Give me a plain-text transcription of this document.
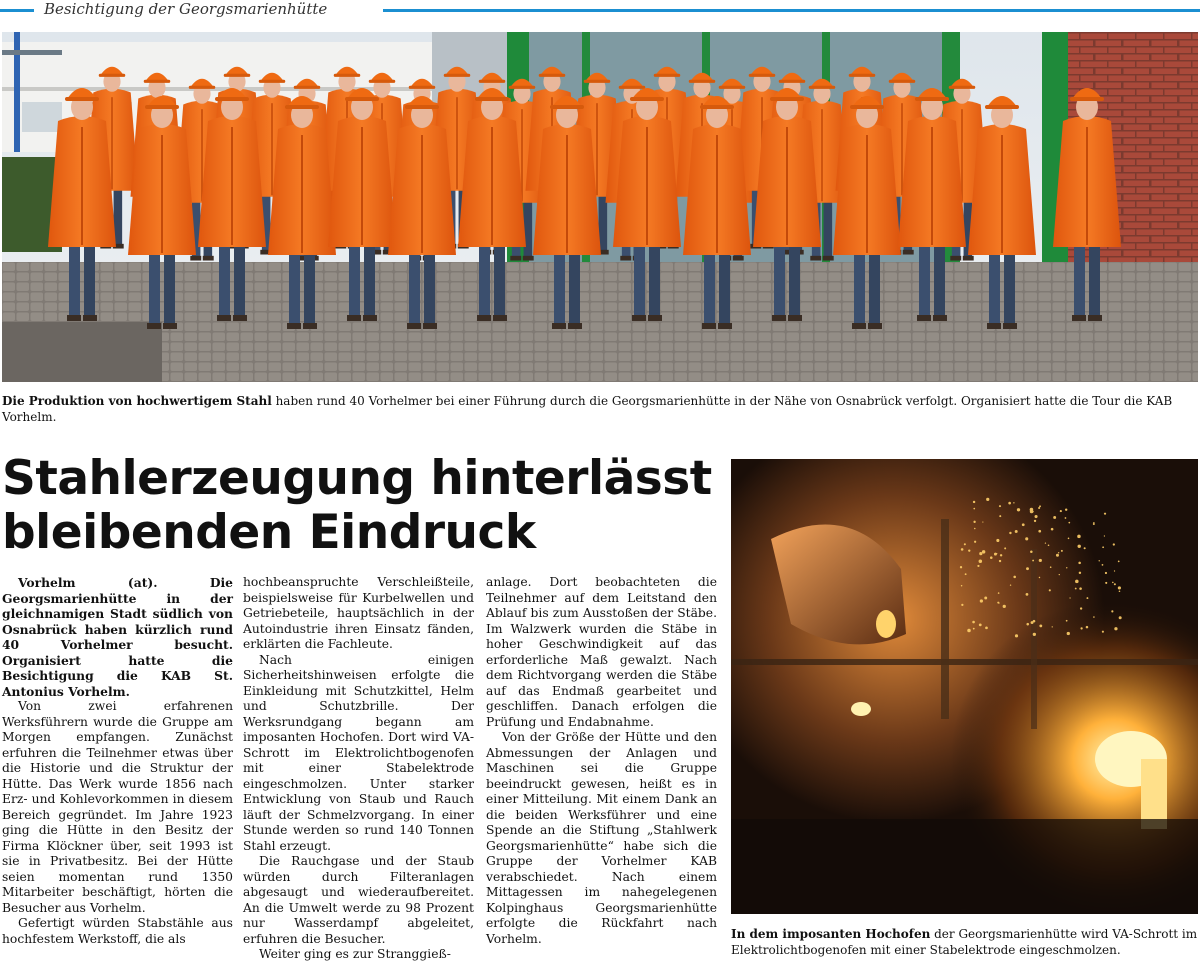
Besichtigung der Georgsmarienhütte
Die Produktion von hochwertigem Stahl haben rund 40 Vorhelmer bei einer Führung durch die Georgsmarienhütte in der Nähe von Osnabrück verfolgt. Organisiert hatte die Tour die KAB Vorhelm.
Stahlerzeugung hinterlässt
bleibenden Eindruck

Vorhelm (at). Die Georgsmarienhütte in der gleichnamigen Stadt südlich von Osnabrück haben kürzlich rund 40 Vorhelmer besucht. Organisiert hatte die Besichtigung die KAB St. Antonius Vorhelm.

Von zwei erfahrenen Werksführern wurde die Gruppe am Morgen empfangen. Zunächst erfuhren die Teilnehmer etwas über die Historie und die Struktur der Hütte. Das Werk wurde 1856 nach Erz- und Kohlevorkommen in diesem Bereich gegründet. Im Jahre 1923 ging die Hütte in den Besitz der Firma Klöckner über, seit 1993 ist sie in Privatbesitz. Bei der Hütte seien momentan rund 1350 Mitarbeiter beschäftigt, hörten die Besucher aus Vorhelm.

Gefertigt würden Stabstähle aus hochfestem Werkstoff, die als

hochbeanspruchte Verschleißteile, beispielsweise für Kurbelwellen und Getriebeteile, hauptsächlich in der Autoindustrie ihren Einsatz fänden, erklärten die Fachleute.

Nach einigen Sicherheitshinweisen erfolgte die Einkleidung mit Schutzkittel, Helm und Schutzbrille. Der Werksrundgang begann am imposanten Hochofen. Dort wird VA-Schrott im Elektrolichtbogenofen mit einer Stabelektrode eingeschmolzen. Unter starker Entwicklung von Staub und Rauch läuft der Schmelzvorgang. In einer Stunde werden so rund 140 Tonnen Stahl erzeugt.

Die Rauchgase und der Staub würden durch Filteranlagen abgesaugt und wiederaufbereitet. An die Umwelt werde zu 98 Prozent nur Wasserdampf abgeleitet, erfuhren die Besucher.

Weiter ging es zur Stranggieß-

anlage. Dort beobachteten die Teilnehmer auf dem Leitstand den Ablauf bis zum Ausstoßen der Stäbe. Im Walzwerk wurden die Stäbe in hoher Geschwindigkeit auf das erforderliche Maß gewalzt. Nach dem Richtvorgang werden die Stäbe auf das Endmaß gearbeitet und geschliffen. Danach erfolgen die Prüfung und Endabnahme.

Von der Größe der Hütte und den Abmessungen der Anlagen und Maschinen sei die Gruppe beeindruckt gewesen, heißt es in einer Mitteilung. Mit einem Dank an die beiden Werksführer und eine Spende an die Stiftung „Stahlwerk Georgsmarienhütte“ habe sich die Gruppe der Vorhelmer KAB verabschiedet. Nach einem Mittagessen im nahegelegenen Kolpinghaus Georgsmarienhütte erfolgte die Rückfahrt nach Vorhelm.	In dem imposanten Hochofen der Georgsmarienhütte wird VA-Schrott im Elektrolichtbogenofen mit einer Stabelektrode eingeschmolzen.
